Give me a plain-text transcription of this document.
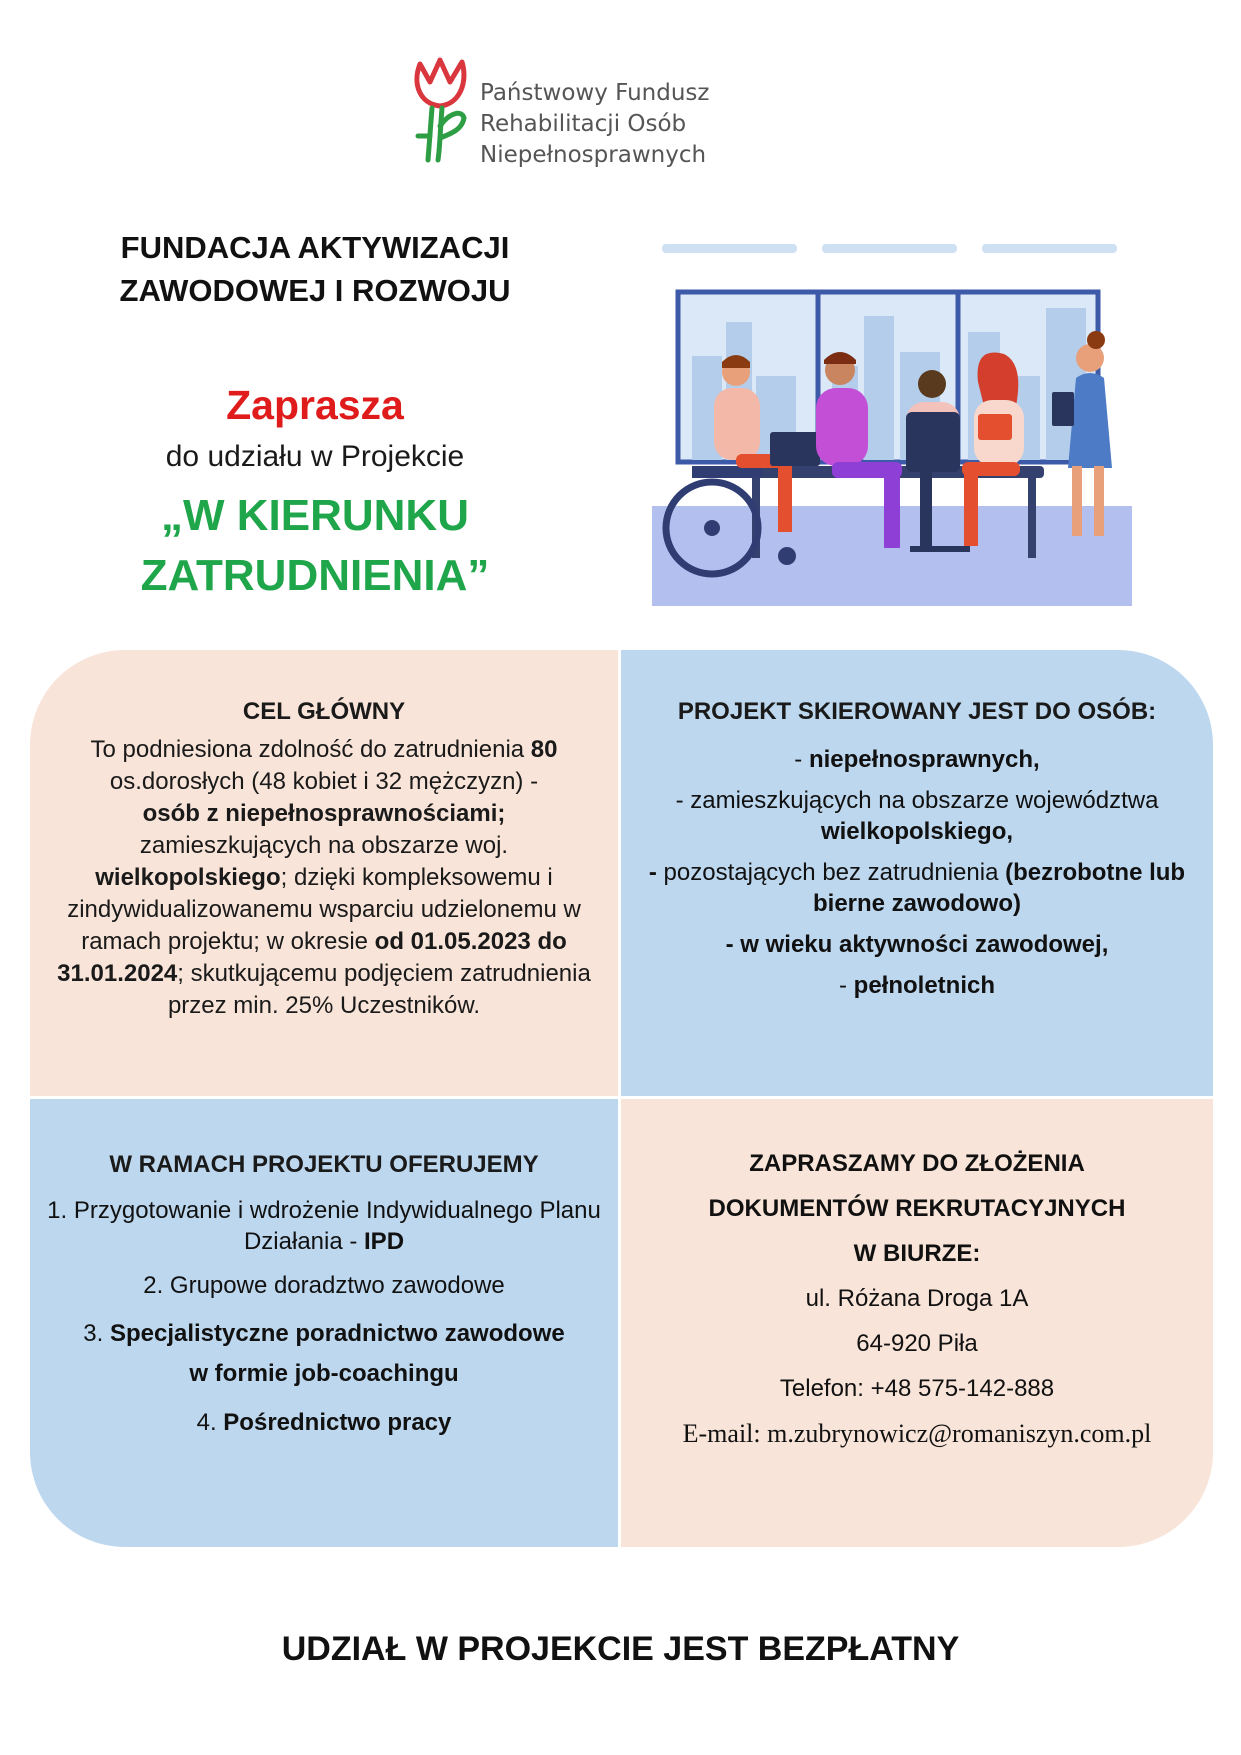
Państwowy Fundusz
Rehabilitacji Osób
Niepełnosprawnych
FUNDACJA AKTYWIZACJI
ZAWODOWEJ I ROZWOJU
Zaprasza
do udziału w Projekcie
„W KIERUNKU
ZATRUDNIENIA”
CEL GŁÓWNY
To podniesiona zdolność do zatrudnienia 80
os.dorosłych (48 kobiet i 32 mężczyzn) -
osób z niepełnosprawnościami;
zamieszkujących na obszarze woj.
wielkopolskiego; dzięki kompleksowemu i zindywidualizowanemu wsparciu udzielonemu w ramach projektu; w okresie od 01.05.2023 do 31.01.2024; skutkującemu podjęciem zatrudnienia przez min. 25% Uczestników.
PROJEKT SKIEROWANY JEST DO OSÓB:
- niepełnosprawnych,
- zamieszkujących na obszarze województwa
wielkopolskiego,
- pozostających bez zatrudnienia (bezrobotne lub bierne zawodowo)
- w wieku aktywności zawodowej,
- pełnoletnich
W RAMACH PROJEKTU OFERUJEMY
1. Przygotowanie i wdrożenie Indywidualnego Planu Działania - IPD
2. Grupowe doradztwo zawodowe
3. Specjalistyczne poradnictwo zawodowe
w formie job-coachingu
4. Pośrednictwo pracy
ZAPRASZAMY DO ZŁOŻENIA
DOKUMENTÓW REKRUTACYJNYCH
W BIURZE:
ul. Różana Droga 1A
64-920 Piła
Telefon: +48 575-142-888
E-mail: m.zubrynowicz@romaniszyn.com.pl
UDZIAŁ W PROJEKCIE JEST BEZPŁATNY
